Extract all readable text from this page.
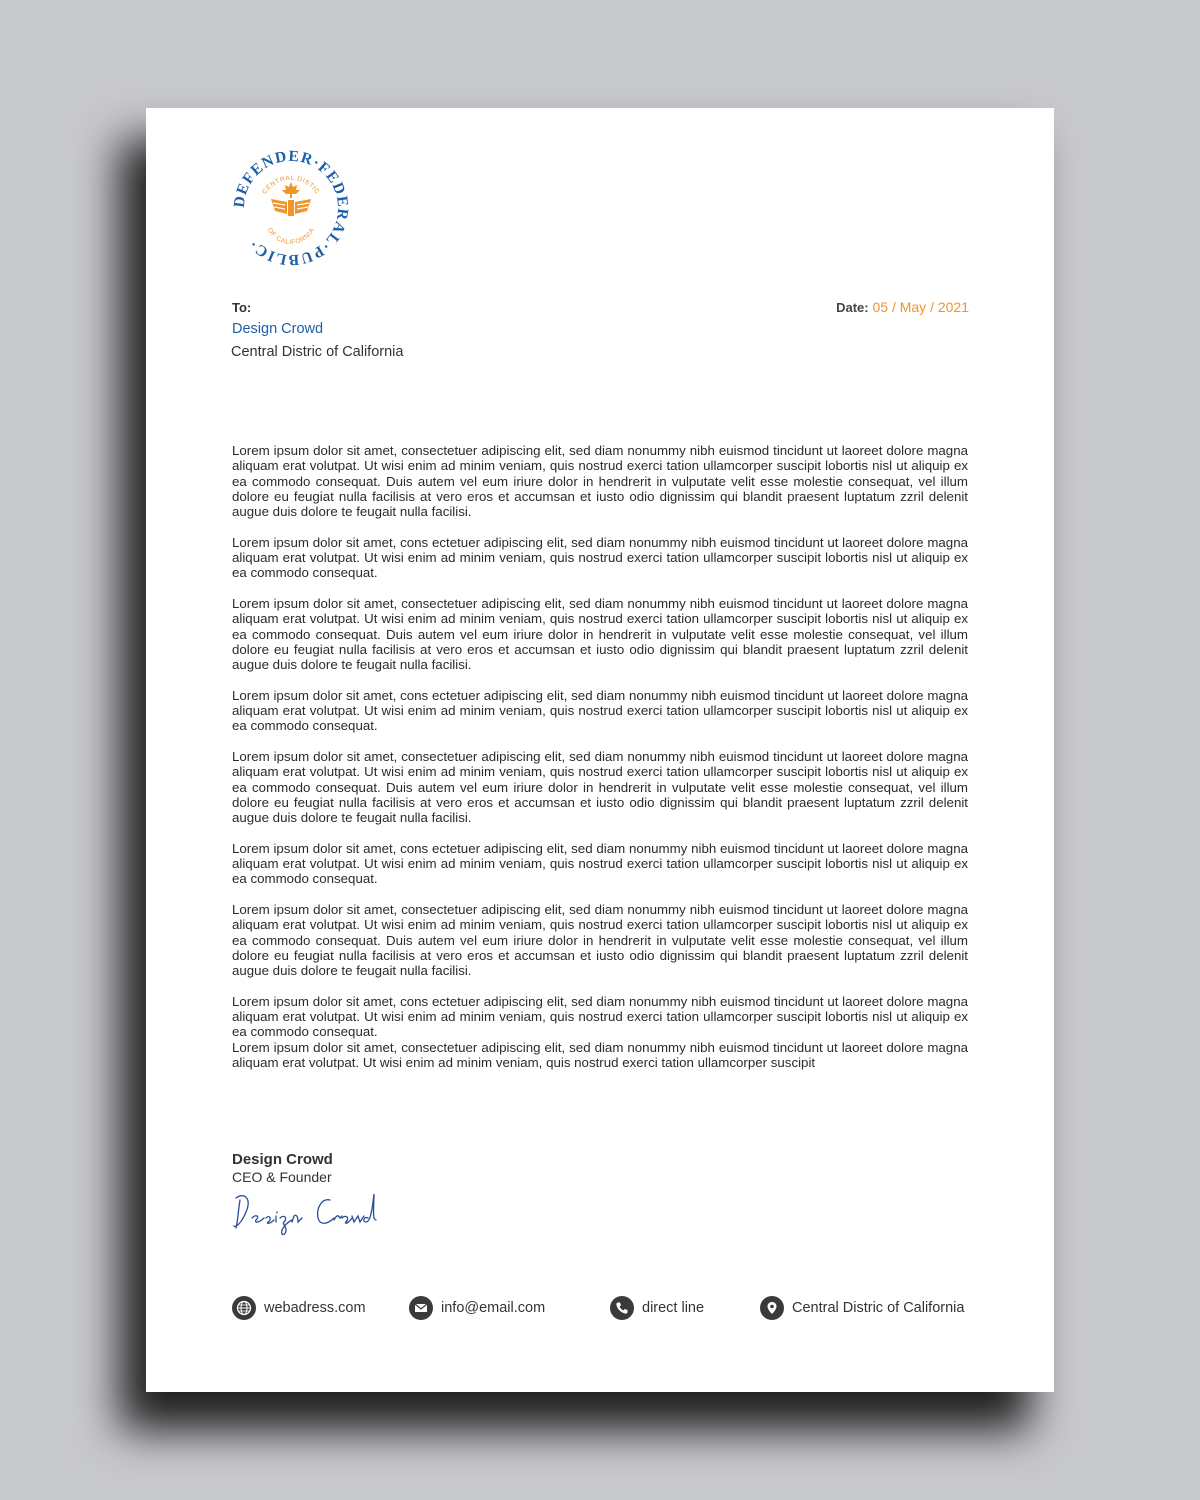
DEFENDER·FEDERAL·PUBLIC·
CENTRAL DISTIC
OF CALIFORNIA
To:
Design Crowd
Central Distric of California
Date: 05 / May / 2021

Lorem ipsum dolor sit amet, consectetuer adipiscing elit, sed diam nonummy nibh euismod tincidunt ut laoreet dolore magna aliquam erat volutpat. Ut wisi enim ad minim veniam, quis nostrud exerci tation ullamcorper suscipit lobortis nisl ut aliquip ex ea commodo consequat. Duis autem vel eum iriure dolor in hendrerit in vulputate velit esse molestie consequat, vel illum dolore eu feugiat nulla facilisis at vero eros et accumsan et iusto odio dignissim qui blandit praesent luptatum zzril delenit augue duis dolore te feugait nulla facilisi.

Lorem ipsum dolor sit amet, cons ectetuer adipiscing elit, sed diam nonummy nibh euismod tincidunt ut laoreet dolore magna aliquam erat volutpat. Ut wisi enim ad minim veniam, quis nostrud exerci tation ullamcorper suscipit lobortis nisl ut aliquip ex ea commodo consequat.

Lorem ipsum dolor sit amet, consectetuer adipiscing elit, sed diam nonummy nibh euismod tincidunt ut laoreet dolore magna aliquam erat volutpat. Ut wisi enim ad minim veniam, quis nostrud exerci tation ullamcorper suscipit lobortis nisl ut aliquip ex ea commodo consequat. Duis autem vel eum iriure dolor in hendrerit in vulputate velit esse molestie consequat, vel illum dolore eu feugiat nulla facilisis at vero eros et accumsan et iusto odio dignissim qui blandit praesent luptatum zzril delenit augue duis dolore te feugait nulla facilisi.

Lorem ipsum dolor sit amet, cons ectetuer adipiscing elit, sed diam nonummy nibh euismod tincidunt ut laoreet dolore magna aliquam erat volutpat. Ut wisi enim ad minim veniam, quis nostrud exerci tation ullamcorper suscipit lobortis nisl ut aliquip ex ea commodo consequat.

Lorem ipsum dolor sit amet, consectetuer adipiscing elit, sed diam nonummy nibh euismod tincidunt ut laoreet dolore magna aliquam erat volutpat. Ut wisi enim ad minim veniam, quis nostrud exerci tation ullamcorper suscipit lobortis nisl ut aliquip ex ea commodo consequat. Duis autem vel eum iriure dolor in hendrerit in vulputate velit esse molestie consequat, vel illum dolore eu feugiat nulla facilisis at vero eros et accumsan et iusto odio dignissim qui blandit praesent luptatum zzril delenit augue duis dolore te feugait nulla facilisi.

Lorem ipsum dolor sit amet, cons ectetuer adipiscing elit, sed diam nonummy nibh euismod tincidunt ut laoreet dolore magna aliquam erat volutpat. Ut wisi enim ad minim veniam, quis nostrud exerci tation ullamcorper suscipit lobortis nisl ut aliquip ex ea commodo consequat.

Lorem ipsum dolor sit amet, consectetuer adipiscing elit, sed diam nonummy nibh euismod tincidunt ut laoreet dolore magna aliquam erat volutpat. Ut wisi enim ad minim veniam, quis nostrud exerci tation ullamcorper suscipit lobortis nisl ut aliquip ex ea commodo consequat. Duis autem vel eum iriure dolor in hendrerit in vulputate velit esse molestie consequat, vel illum dolore eu feugiat nulla facilisis at vero eros et accumsan et iusto odio dignissim qui blandit praesent luptatum zzril delenit augue duis dolore te feugait nulla facilisi.

Lorem ipsum dolor sit amet, cons ectetuer adipiscing elit, sed diam nonummy nibh euismod tincidunt ut laoreet dolore magna aliquam erat volutpat. Ut wisi enim ad minim veniam, quis nostrud exerci tation ullamcorper suscipit lobortis nisl ut aliquip ex ea commodo consequat.

Lorem ipsum dolor sit amet, consectetuer adipiscing elit, sed diam nonummy nibh euismod tincidunt ut laoreet dolore magna aliquam erat volutpat. Ut wisi enim ad minim veniam, quis nostrud exerci tation ullamcorper suscipit

Design Crowd
CEO & Founder
webadress.com	info@email.com	direct line	Central Distric of California
